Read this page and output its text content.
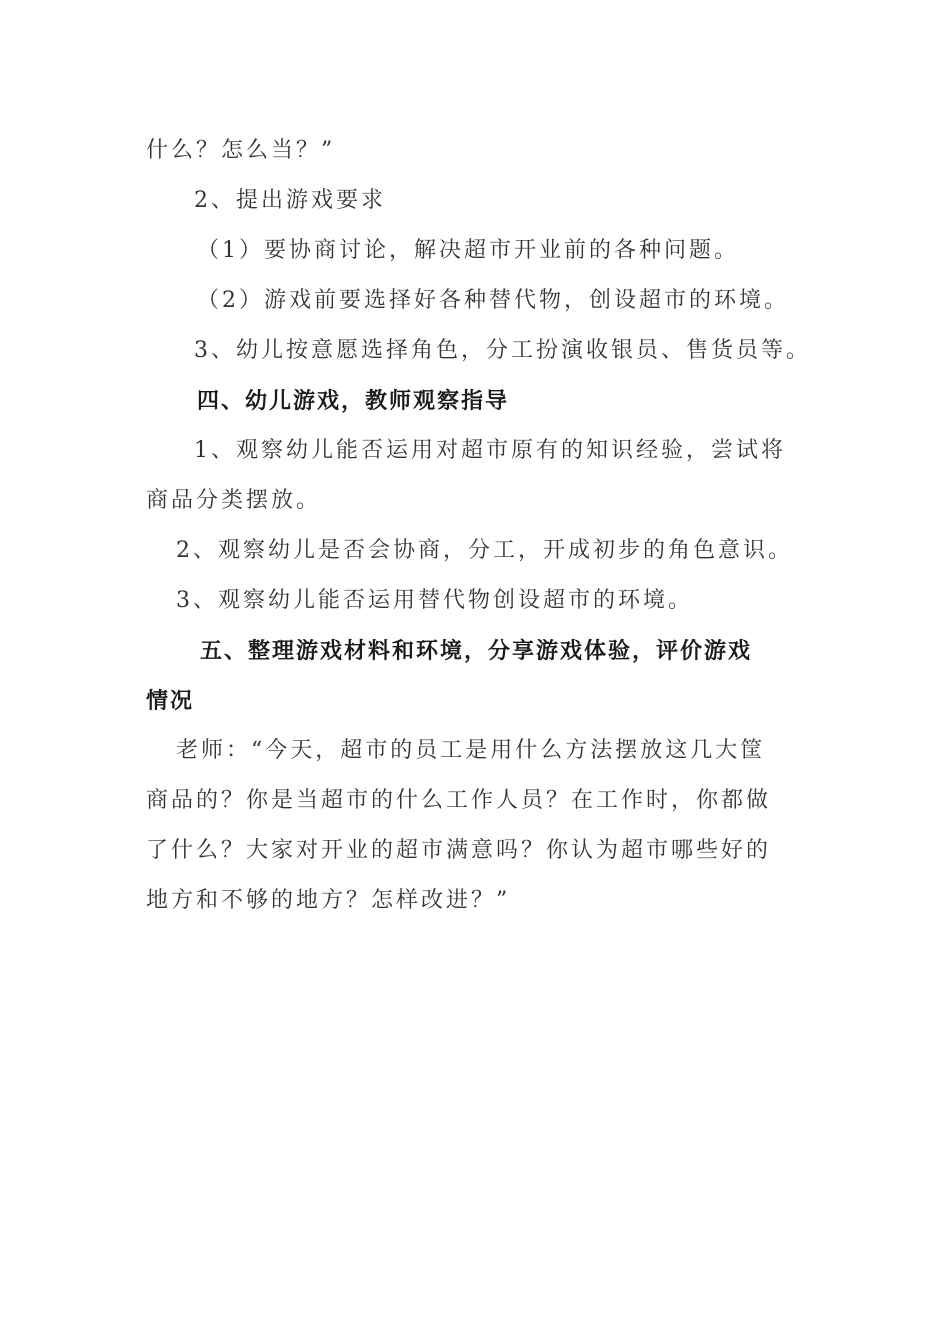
什么？怎么当？”
2、提出游戏要求
（1）要协商讨论，解决超市开业前的各种问题。
（2）游戏前要选择好各种替代物，创设超市的环境。
3、幼儿按意愿选择角色，分工扮演收银员、售货员等。
四、幼儿游戏，教师观察指导
1、观察幼儿能否运用对超市原有的知识经验，尝试将
商品分类摆放。
2、观察幼儿是否会协商，分工，开成初步的角色意识。
3、观察幼儿能否运用替代物创设超市的环境。
五、整理游戏材料和环境，分享游戏体验，评价游戏
情况
老师：“今天，超市的员工是用什么方法摆放这几大筐
商品的？你是当超市的什么工作人员？在工作时，你都做
了什么？大家对开业的超市满意吗？你认为超市哪些好的
地方和不够的地方？怎样改进？”
